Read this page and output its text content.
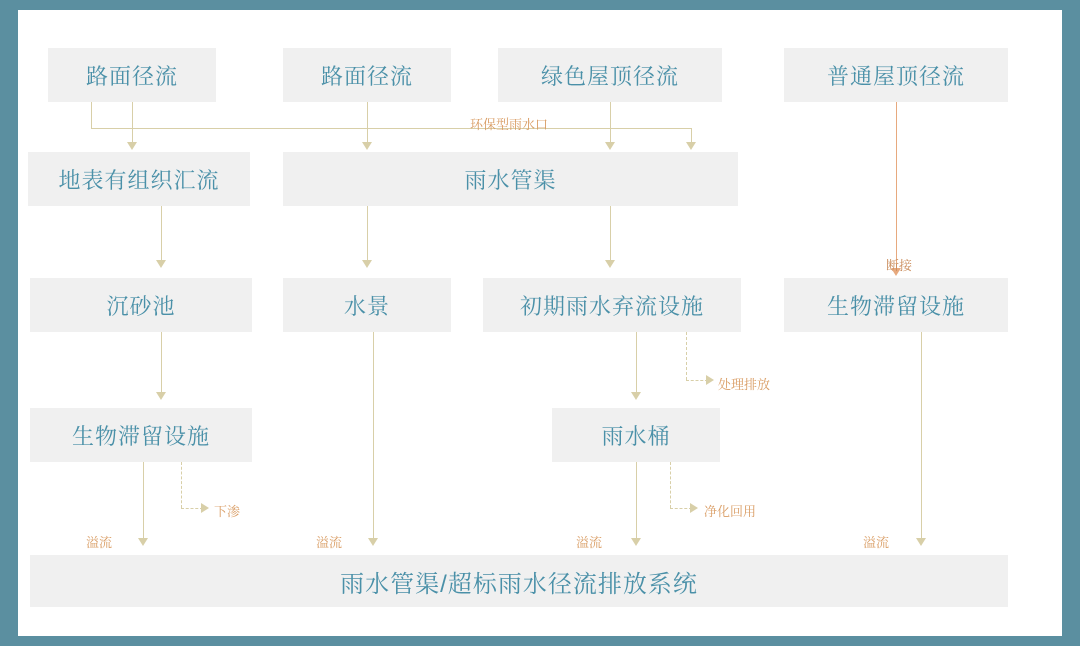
路面径流	路面径流	绿色屋顶径流	普通屋顶径流
地表有组织汇流	雨水管渠
沉砂池	水景	初期雨水弃流设施	生物滞留设施
生物滞留设施	雨水桶
雨水管渠/超标雨水径流排放系统
环保型雨水口
断接
处理排放
下渗	净化回用
溢流	溢流	溢流	溢流
